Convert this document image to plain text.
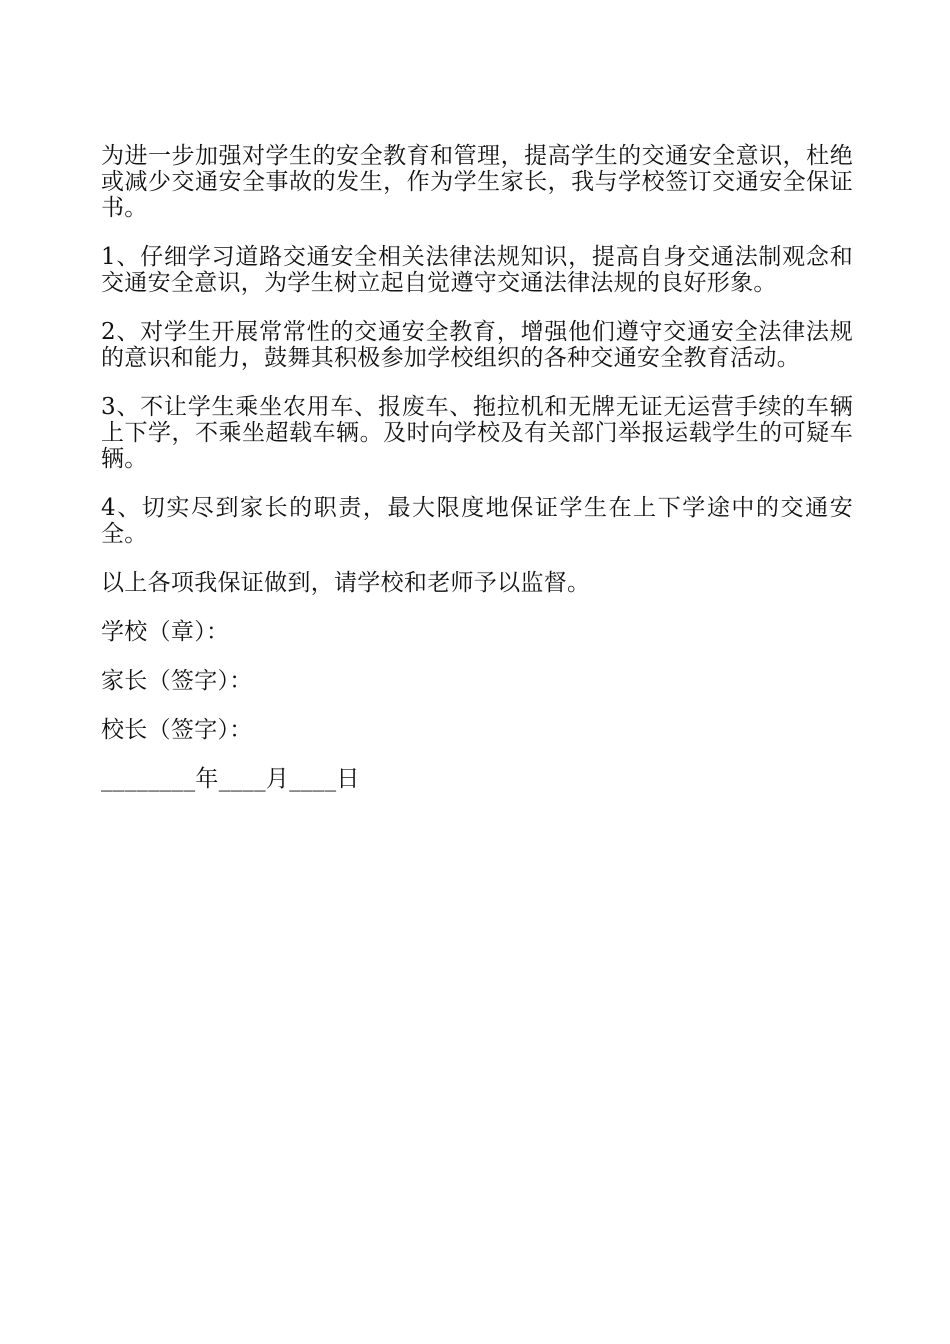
为进一步加强对学生的安全教育和管理，提高学生的交通安全意识，杜绝或减少交通安全事故的发生，作为学生家长，我与学校签订交通安全保证书。

1、仔细学习道路交通安全相关法律法规知识，提高自身交通法制观念和交通安全意识，为学生树立起自觉遵守交通法律法规的良好形象。

2、对学生开展常常性的交通安全教育，增强他们遵守交通安全法律法规的意识和能力，鼓舞其积极参加学校组织的各种交通安全教育活动。

3、不让学生乘坐农用车、报废车、拖拉机和无牌无证无运营手续的车辆上下学，不乘坐超载车辆。及时向学校及有关部门举报运载学生的可疑车辆。

4、切实尽到家长的职责，最大限度地保证学生在上下学途中的交通安全。

以上各项我保证做到，请学校和老师予以监督。

学校（章）：

家长（签字）：

校长（签字）：

________年____月____日
